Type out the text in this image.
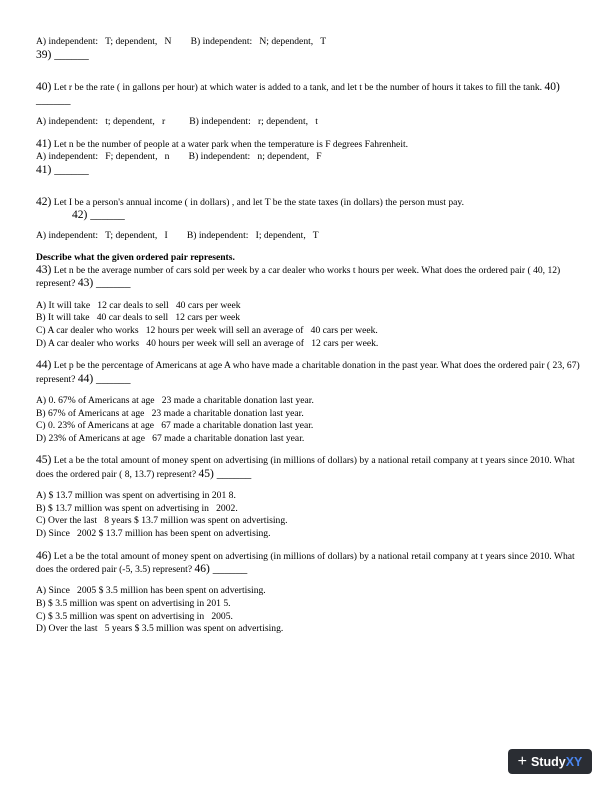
A) independent:   T; dependent,   N B) independent:   N; dependent,   T
39) ______
40) Let r be the rate ( in gallons per hour) at which water is added to a tank, and let t be the number of hours it takes to fill the tank. 40) ______
A) independent:   t; dependent,   r B) independent:   r; dependent,   t
41) Let n be the number of people at a water park when the temperature is F degrees Fahrenheit.
A) independent:   F; dependent,   n B) independent:   n; dependent,   F
41) ______
42) Let I be a person's annual income ( in dollars) , and let T be the state taxes (in dollars) the person must pay.
42) ______
A) independent:   T; dependent,   I B) independent:   I; dependent,   T
Describe what the given ordered pair represents.
43) Let n be the average number of cars sold per week by a car dealer who works t hours per week. What does the ordered pair ( 40, 12) represent? 43) ______
A) It will take   12 car deals to sell   40 cars per week
B) It will take   40 car deals to sell   12 cars per week
C) A car dealer who works   12 hours per week will sell an average of   40 cars per week.
D) A car dealer who works   40 hours per week will sell an average of   12 cars per week.
44) Let p be the percentage of Americans at age A who have made a charitable donation in the past year. What does the ordered pair ( 23, 67) represent? 44) ______
A) 0. 67% of Americans at age   23 made a charitable donation last year.
B) 67% of Americans at age   23 made a charitable donation last year.
C) 0. 23% of Americans at age   67 made a charitable donation last year.
D) 23% of Americans at age   67 made a charitable donation last year.
45) Let a be the total amount of money spent on advertising (in millions of dollars) by a national retail company at t years since 2010. What does the ordered pair ( 8, 13.7) represent? 45) ______
A) $ 13.7 million was spent on advertising in 201 8.
B) $ 13.7 million was spent on advertising in   2002.
C) Over the last   8 years $ 13.7 million was spent on advertising.
D) Since   2002 $ 13.7 million has been spent on advertising.
46) Let a be the total amount of money spent on advertising (in millions of dollars) by a national retail company at t years since 2010. What does the ordered pair (-5, 3.5) represent? 46) ______
A) Since   2005 $ 3.5 million has been spent on advertising.
B) $ 3.5 million was spent on advertising in 201 5.
C) $ 3.5 million was spent on advertising in   2005.
D) Over the last   5 years $ 3.5 million was spent on advertising.
+ Study XY
